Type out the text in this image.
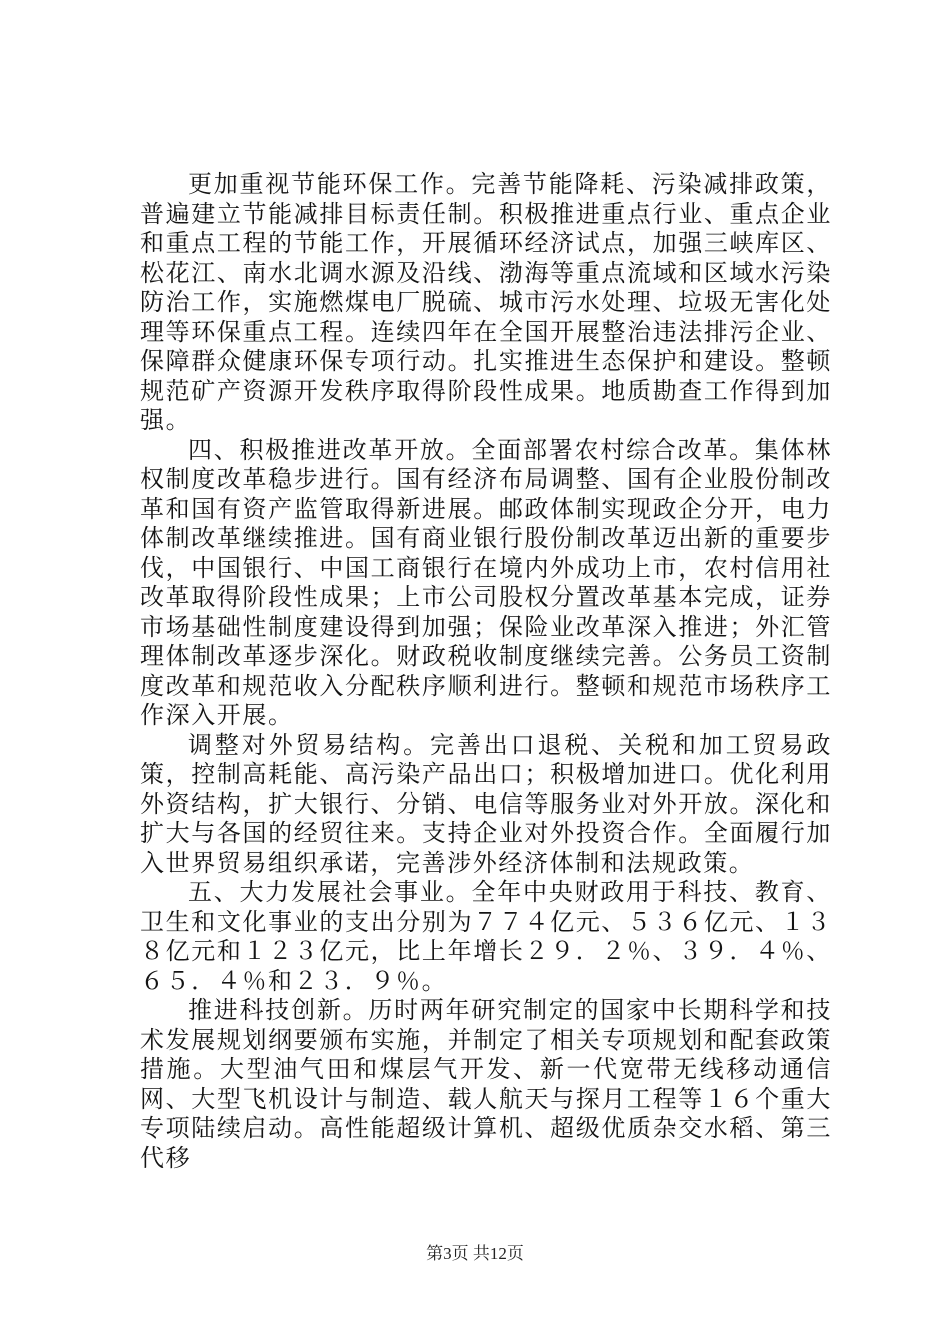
更加重视节能环保工作。完善节能降耗、污染减排政策，普遍建立节能减排目标责任制。积极推进重点行业、重点企业和重点工程的节能工作，开展循环经济试点，加强三峡库区、松花江、南水北调水源及沿线、渤海等重点流域和区域水污染防治工作，实施燃煤电厂脱硫、城市污水处理、垃圾无害化处理等环保重点工程。连续四年在全国开展整治违法排污企业、保障群众健康环保专项行动。扎实推进生态保护和建设。整顿规范矿产资源开发秩序取得阶段性成果。地质勘查工作得到加强。

四、积极推进改革开放。全面部署农村综合改革。集体林权制度改革稳步进行。国有经济布局调整、国有企业股份制改革和国有资产监管取得新进展。邮政体制实现政企分开，电力体制改革继续推进。国有商业银行股份制改革迈出新的重要步伐，中国银行、中国工商银行在境内外成功上市，农村信用社改革取得阶段性成果；上市公司股权分置改革基本完成，证券市场基础性制度建设得到加强；保险业改革深入推进；外汇管理体制改革逐步深化。财政税收制度继续完善。公务员工资制度改革和规范收入分配秩序顺利进行。整顿和规范市场秩序工作深入开展。

调整对外贸易结构。完善出口退税、关税和加工贸易政策，控制高耗能、高污染产品出口；积极增加进口。优化利用外资结构，扩大银行、分销、电信等服务业对外开放。深化和扩大与各国的经贸往来。支持企业对外投资合作。全面履行加入世界贸易组织承诺，完善涉外经济体制和法规政策。

五、大力发展社会事业。全年中央财政用于科技、教育、卫生和文化事业的支出分别为７７４亿元、５３６亿元、１３８亿元和１２３亿元，比上年增长２９．２％、３９．４％、６５．４％和２３．９％。

推进科技创新。历时两年研究制定的国家中长期科学和技术发展规划纲要颁布实施，并制定了相关专项规划和配套政策措施。大型油气田和煤层气开发、新一代宽带无线移动通信网、大型飞机设计与制造、载人航天与探月工程等１６个重大专项陆续启动。高性能超级计算机、超级优质杂交水稻、第三代移

第3页 共12页
